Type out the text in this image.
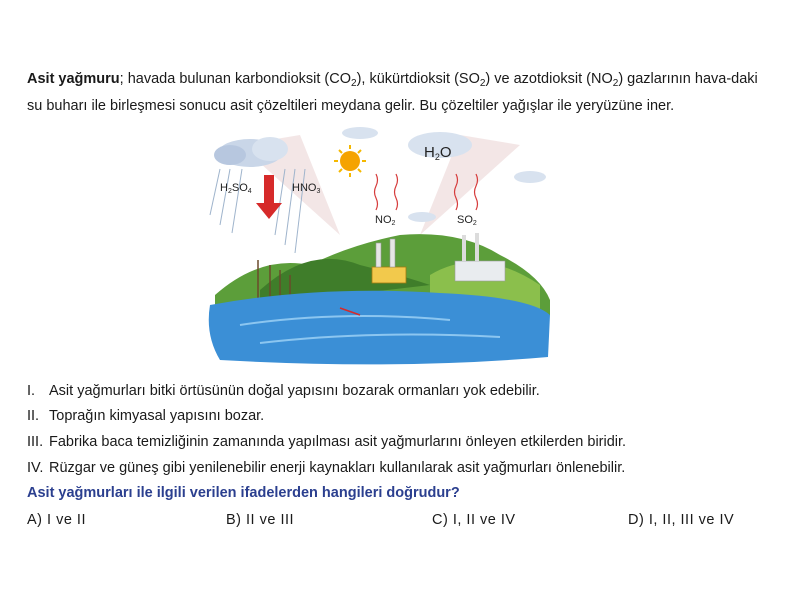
Asit yağmuru; havada bulunan karbondioksit $(CO_2)$, kükürtdioksit $(SO_2)$ ve azotdioksit $(NO_2)$ gazlarının hava-daki su buharı ile birleşmesi sonucu asit çözeltileri meydana gelir. Bu çözeltiler yağışlar ile yeryüzüne iner.
H2SO4	HNO3
$H_2O$
NO2	SO2
I. Asit yağmurları bitki örtüsünün doğal yapısını bozarak ormanları yok edebilir.
II. Toprağın kimyasal yapısını bozar.
III. Fabrika baca temizliğinin zamanında yapılması asit yağmurlarını önleyen etkilerden biridir.
IV. Rüzgar ve güneş gibi yenilenebilir enerji kaynakları kullanılarak asit yağmurları önlenebilir.
Asit yağmurları ile ilgili verilen ifadelerden hangileri doğrudur?
A) I ve II	B) II ve III	C) I, II ve IV	D) I, II, III ve IV
